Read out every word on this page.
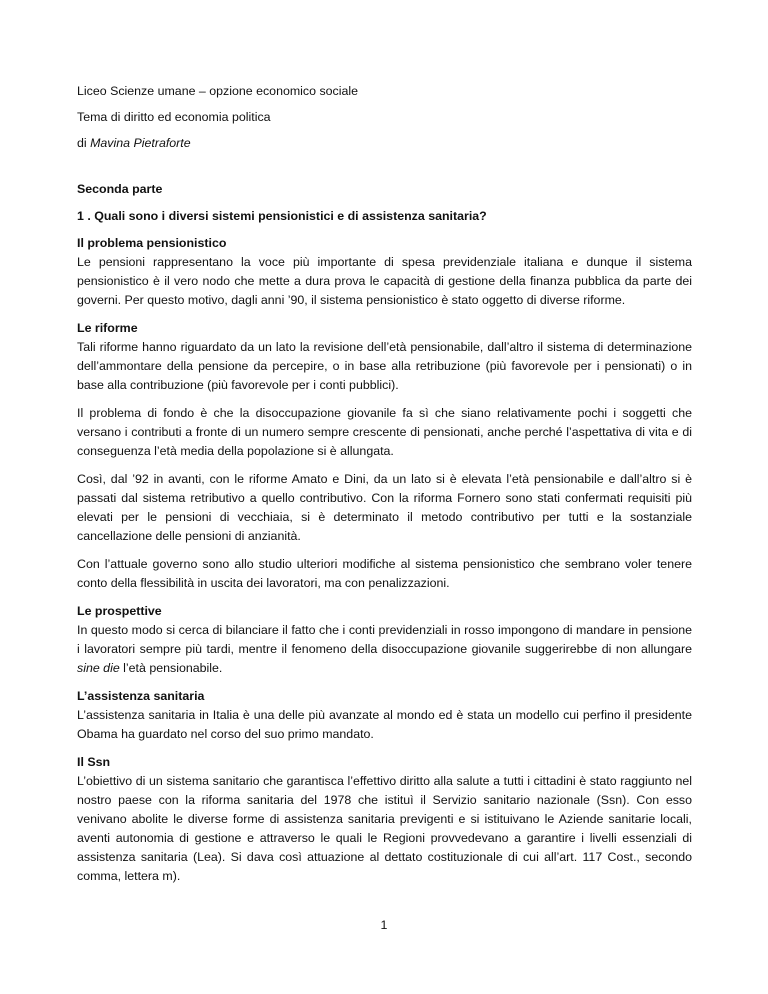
Liceo Scienze umane – opzione economico sociale

Tema di diritto ed economia politica

di Mavina Pietraforte

Seconda parte

1 . Quali sono i diversi sistemi pensionistici e di assistenza sanitaria?

Il problema pensionistico

Le pensioni rappresentano la voce più importante di spesa previdenziale italiana e dunque il sistema pensionistico è il vero nodo che mette a dura prova le capacità di gestione della finanza pubblica da parte dei governi. Per questo motivo, dagli anni ’90, il sistema pensionistico è stato oggetto di diverse riforme.

Le riforme

Tali riforme hanno riguardato da un lato la revisione dell’età pensionabile, dall’altro il sistema di determinazione dell’ammontare della pensione da percepire, o in base alla retribuzione (più favorevole per i pensionati) o in base alla contribuzione (più favorevole per i conti pubblici).

Il problema di fondo è che la disoccupazione giovanile fa sì che siano relativamente pochi i soggetti che versano i contributi a fronte di un numero sempre crescente di pensionati, anche perché l’aspettativa di vita e di conseguenza l’età media della popolazione si è allungata.

Così, dal ’92 in avanti, con le riforme Amato e Dini, da un lato si è elevata l’età pensionabile e dall’altro si è passati dal sistema retributivo a quello contributivo. Con la riforma Fornero sono stati confermati requisiti più elevati per le pensioni di vecchiaia, si è determinato il metodo contributivo per tutti e la sostanziale cancellazione delle pensioni di anzianità.

Con l’attuale governo sono allo studio ulteriori modifiche al sistema pensionistico che sembrano voler tenere conto della flessibilità in uscita dei lavoratori, ma con penalizzazioni.

Le prospettive

In questo modo si cerca di bilanciare il fatto che i conti previdenziali in rosso impongono di mandare in pensione i lavoratori sempre più tardi, mentre il fenomeno della disoccupazione giovanile suggerirebbe di non allungare sine die l’età pensionabile.

L’assistenza sanitaria

L’assistenza sanitaria in Italia è una delle più avanzate al mondo ed è stata un modello cui perfino il presidente Obama ha guardato nel corso del suo primo mandato.

Il Ssn

L’obiettivo di un sistema sanitario che garantisca l’effettivo diritto alla salute a tutti i cittadini è stato raggiunto nel nostro paese con la riforma sanitaria del 1978 che istituì il Servizio sanitario nazionale (Ssn). Con esso venivano abolite le diverse forme di assistenza sanitaria previgenti e si istituivano le Aziende sanitarie locali, aventi autonomia di gestione e attraverso le quali le Regioni provvedevano a garantire i livelli essenziali di assistenza sanitaria (Lea). Si dava così attuazione al dettato costituzionale di cui all’art. 117 Cost., secondo comma, lettera m).

1
